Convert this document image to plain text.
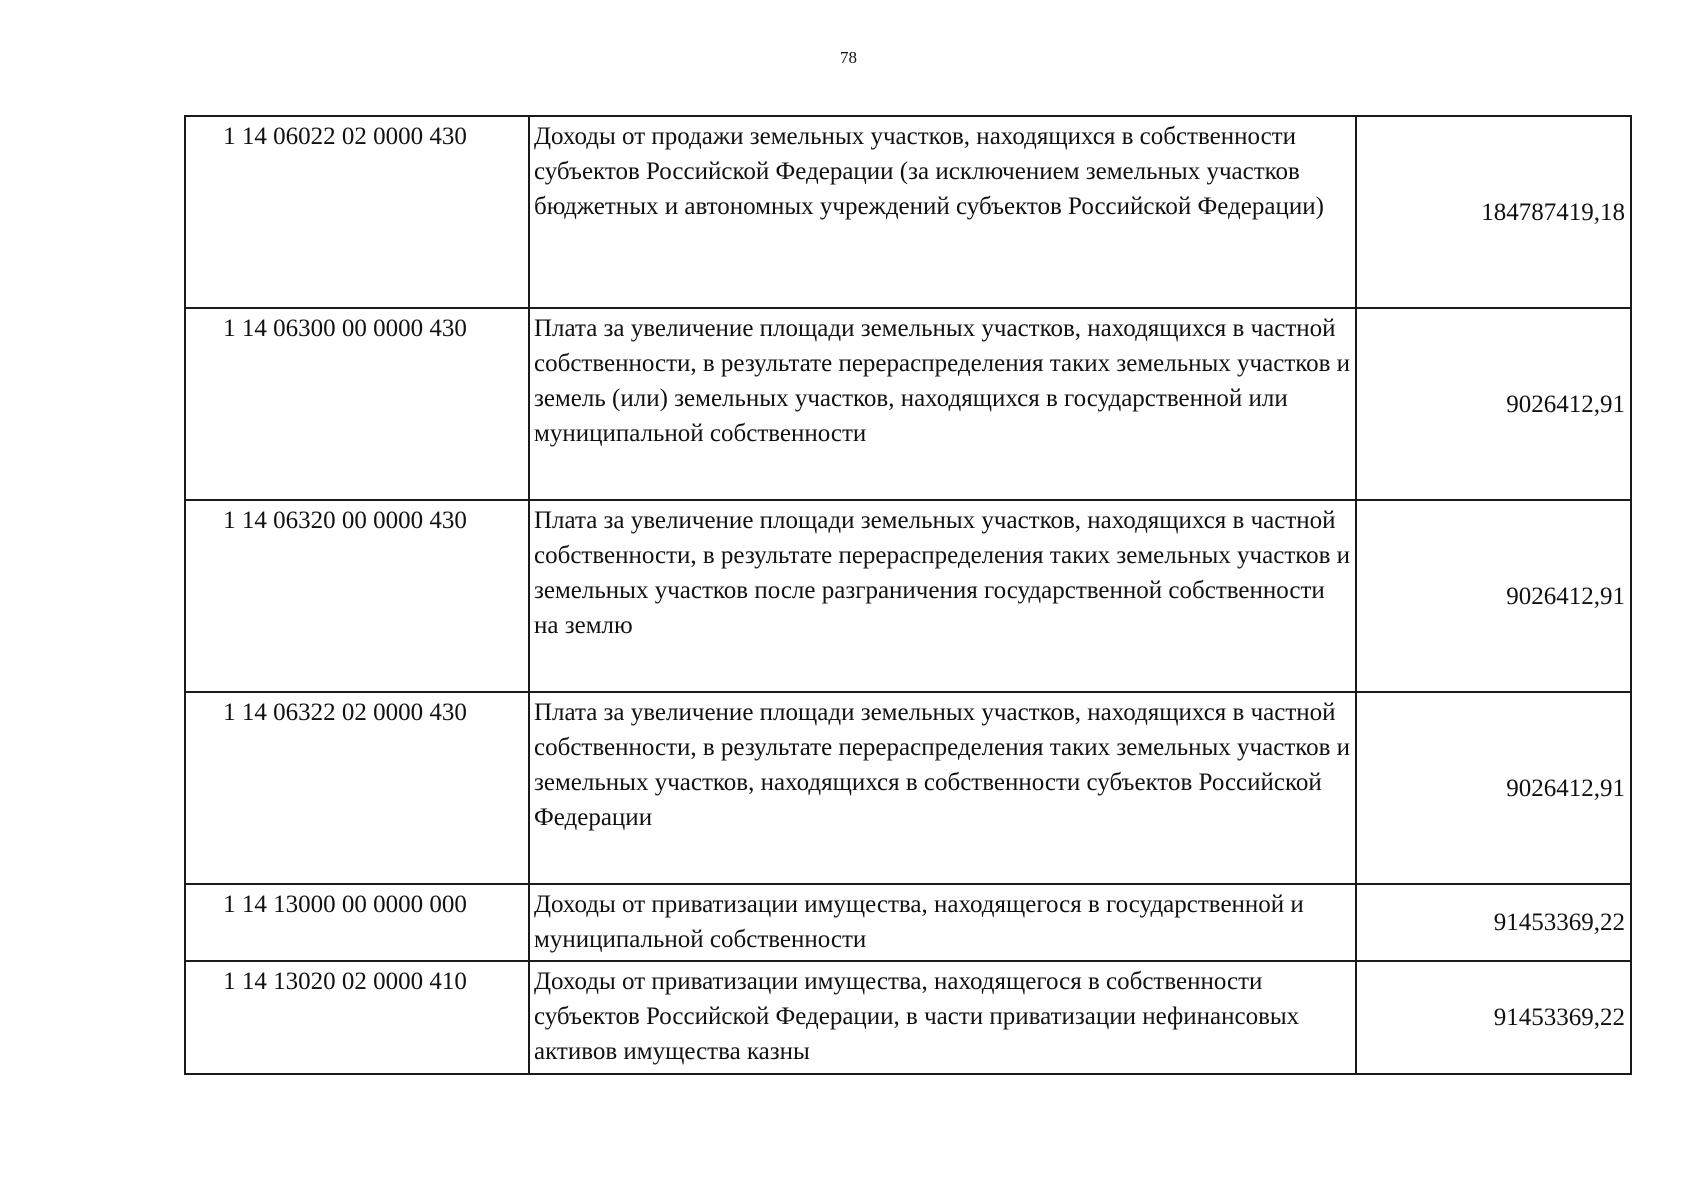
78
1 14 06022 02 0000 430	Доходы от продажи земельных участков, находящихся в собственности субъектов Российской Федерации (за исключением земельных участков бюджетных и автономных учреждений субъектов Российской Федерации)	184787419,18
1 14 06300 00 0000 430	Плата за увеличение площади земельных участков, находящихся в частной собственности, в результате перераспределения таких земельных участков и земель (или) земельных участков, находящихся в государственной или муниципальной собственности	9026412,91
1 14 06320 00 0000 430	Плата за увеличение площади земельных участков, находящихся в частной собственности, в результате перераспределения таких земельных участков и земельных участков после разграничения государственной собственности на землю	9026412,91
1 14 06322 02 0000 430	Плата за увеличение площади земельных участков, находящихся в частной собственности, в результате перераспределения таких земельных участков и земельных участков, находящихся в собственности субъектов Российской Федерации	9026412,91
1 14 13000 00 0000 000	Доходы от приватизации имущества, находящегося в государственной и муниципальной собственности	91453369,22
1 14 13020 02 0000 410	Доходы от приватизации имущества, находящегося в собственности субъектов Российской Федерации, в части приватизации нефинансовых активов имущества казны	91453369,22
